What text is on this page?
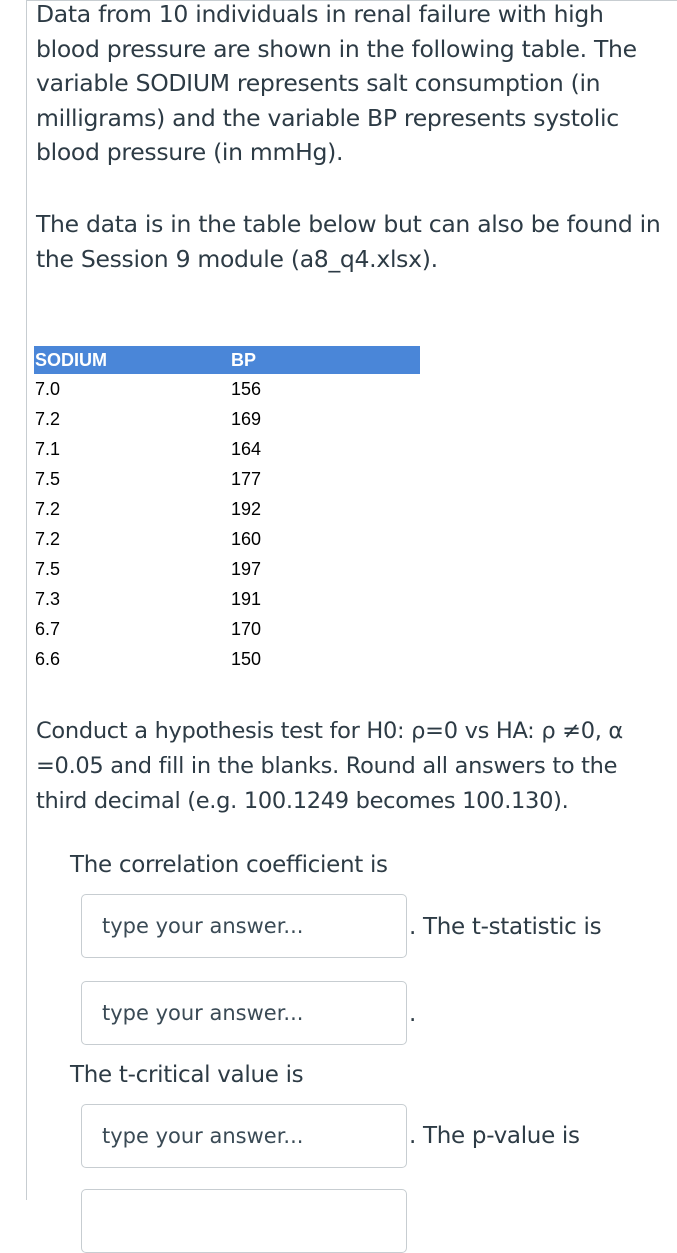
Data from 10 individuals in renal failure with high
blood pressure are shown in the following table. The
variable SODIUM represents salt consumption (in
milligrams) and the variable BP represents systolic
blood pressure (in mmHg).
The data is in the table below but can also be found in
the Session 9 module (a8_q4.xlsx).
SODIUM	BP
7.0	156
7.2	169
7.1	164
7.5	177
7.2	192
7.2	160
7.5	197
7.3	191
6.7	170
6.6	150
Conduct a hypothesis test for H0: ρ=0 vs HA: ρ ≠0, α
=0.05 and fill in the blanks. Round all answers to the
third decimal (e.g. 100.1249 becomes 100.130).
The correlation coefficient is
type your answer...
. The t-statistic is
type your answer...
.
The t-critical value is
type your answer...
. The p-value is
